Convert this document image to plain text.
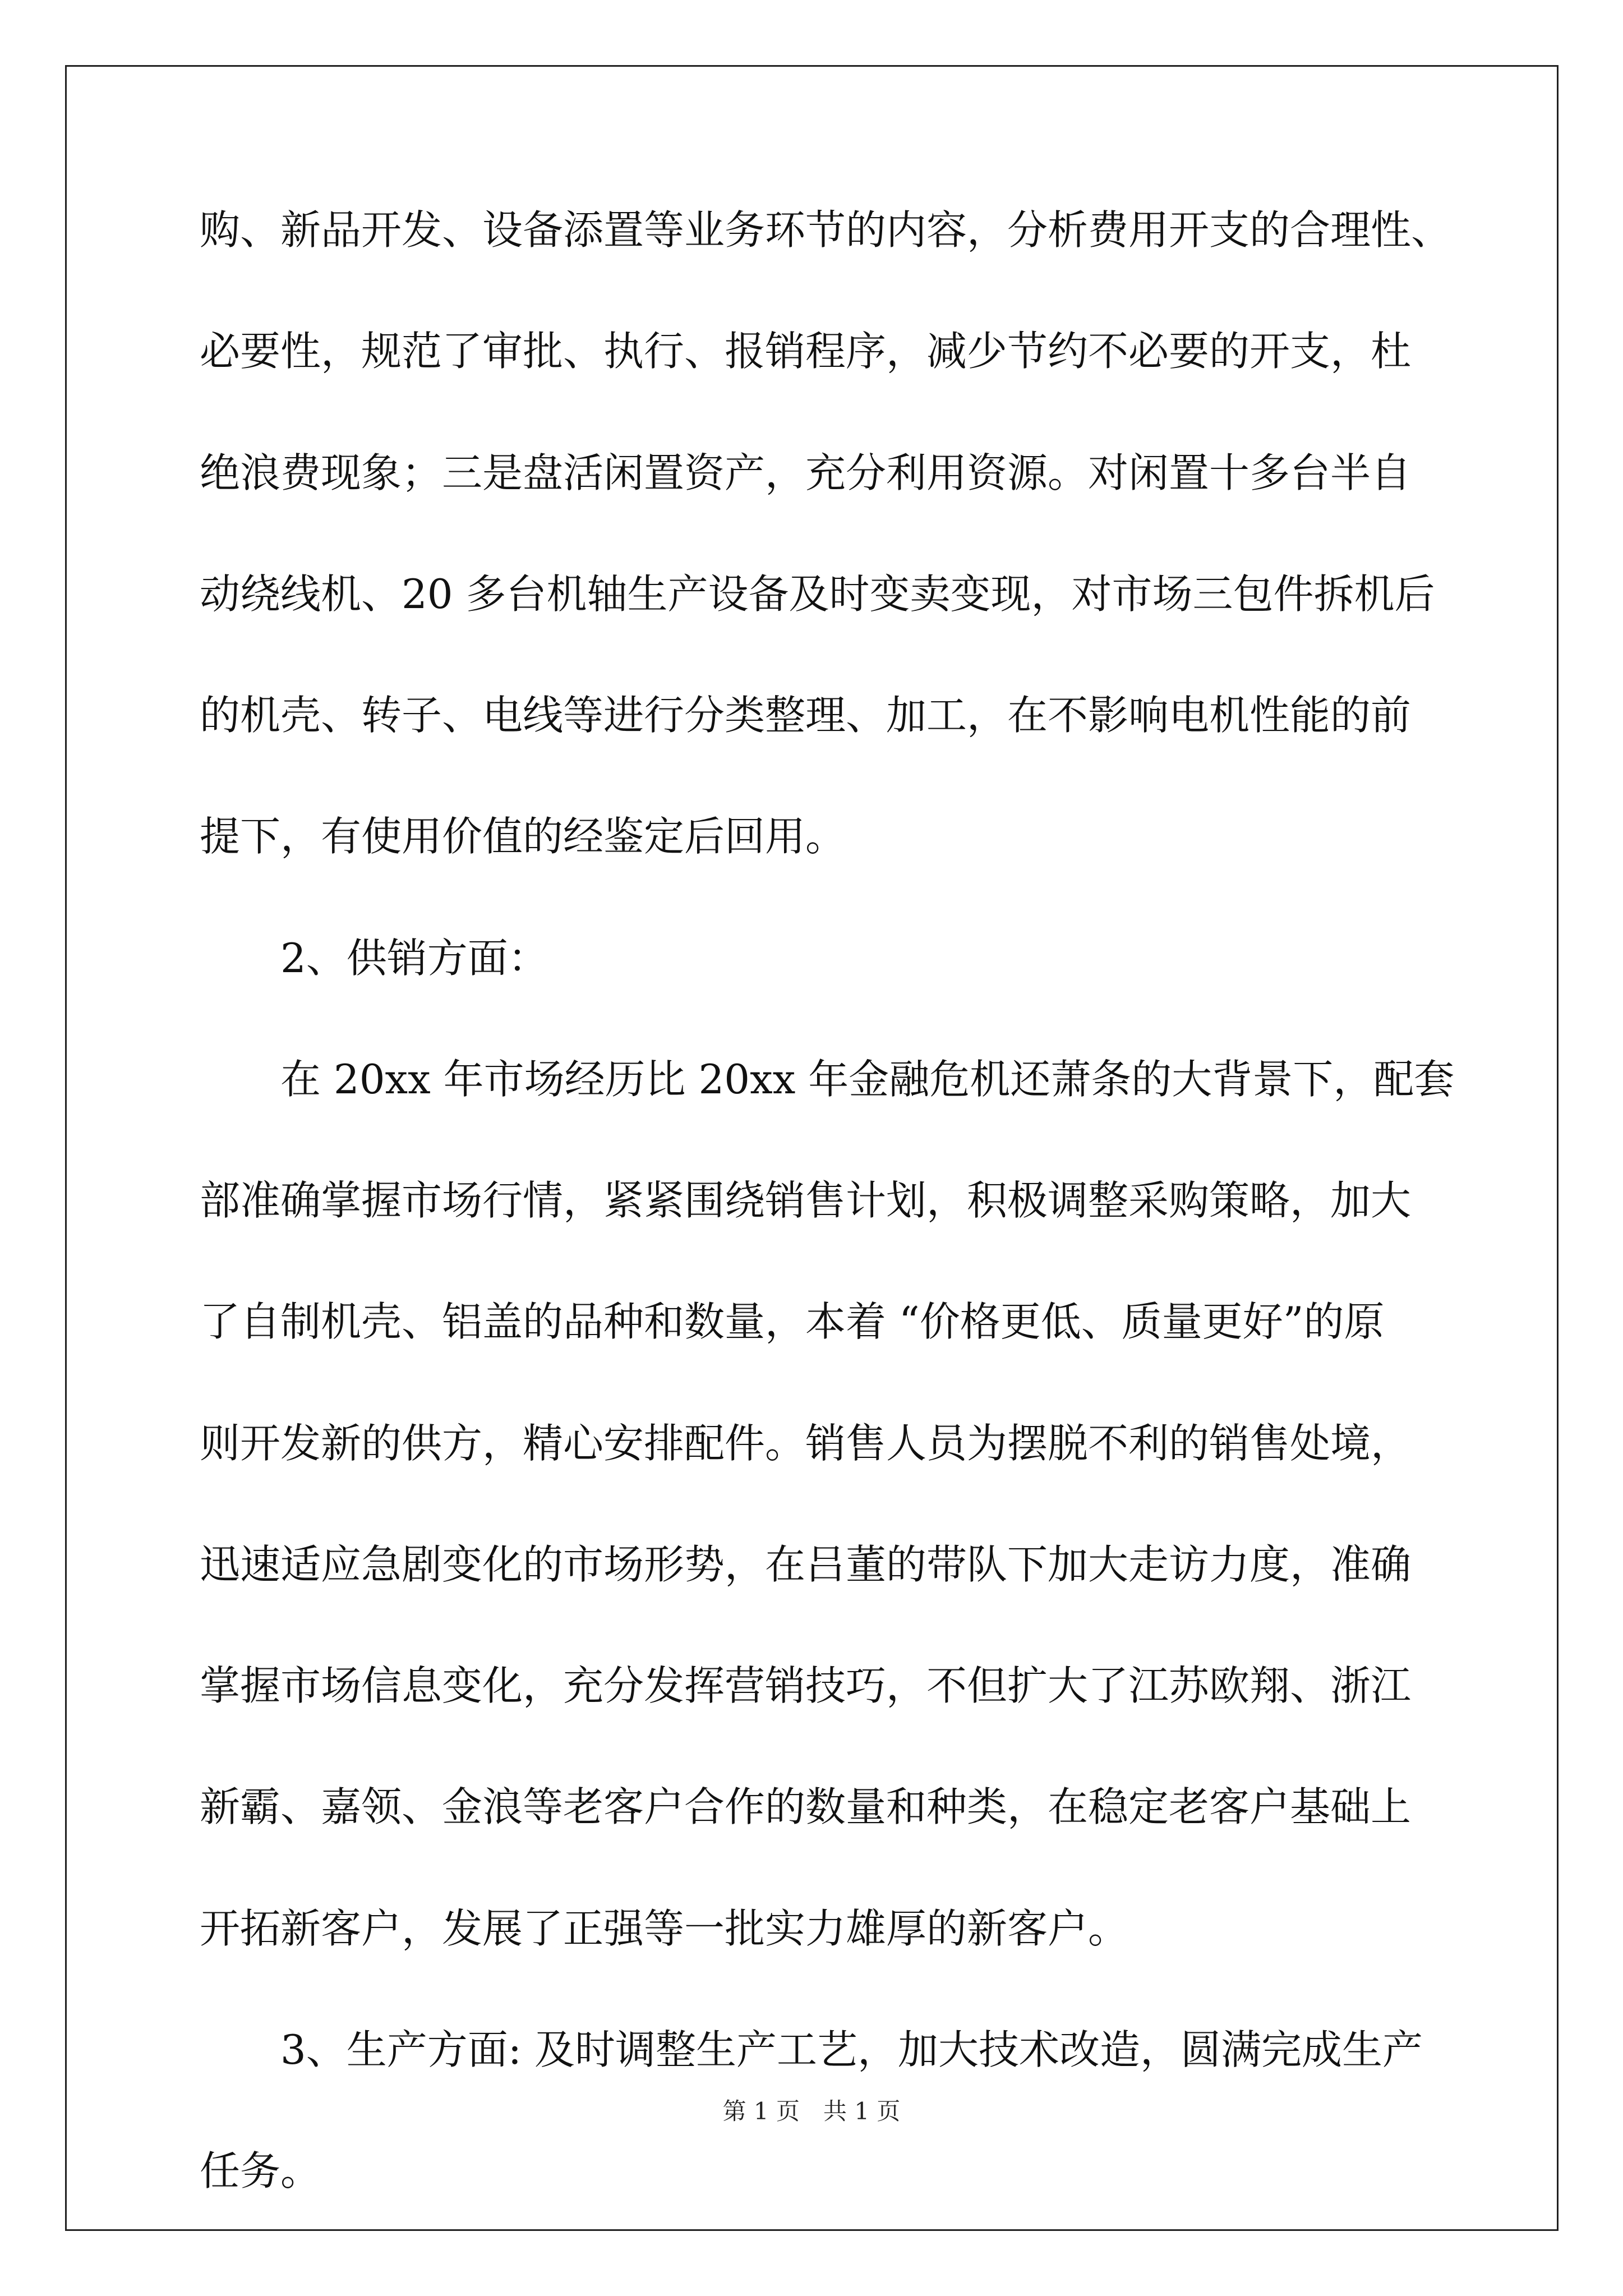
购、新品开发、设备添置等业务环节的内容，分析费用开支的合理性、
必要性，规范了审批、执行、报销程序，减少节约不必要的开支，杜
绝浪费现象；三是盘活闲置资产，充分利用资源。对闲置十多台半自
动绕线机、20 多台机轴生产设备及时变卖变现，对市场三包件拆机后
的机壳、转子、电线等进行分类整理、加工，在不影响电机性能的前
提下，有使用价值的经鉴定后回用。
2、供销方面：
在 20xx 年市场经历比 20xx 年金融危机还萧条的大背景下，配套
部准确掌握市场行情，紧紧围绕销售计划，积极调整采购策略，加大
了自制机壳、铝盖的品种和数量，本着 “价格更低、质量更好”的原
则开发新的供方，精心安排配件。销售人员为摆脱不利的销售处境，
迅速适应急剧变化的市场形势，在吕董的带队下加大走访力度，准确
掌握市场信息变化，充分发挥营销技巧，不但扩大了江苏欧翔、浙江
新霸、嘉领、金浪等老客户合作的数量和种类，在稳定老客户基础上
开拓新客户，发展了正强等一批实力雄厚的新客户。
3、生产方面: 及时调整生产工艺，加大技术改造，圆满完成生产
任务。
第 1 页　共 1 页
